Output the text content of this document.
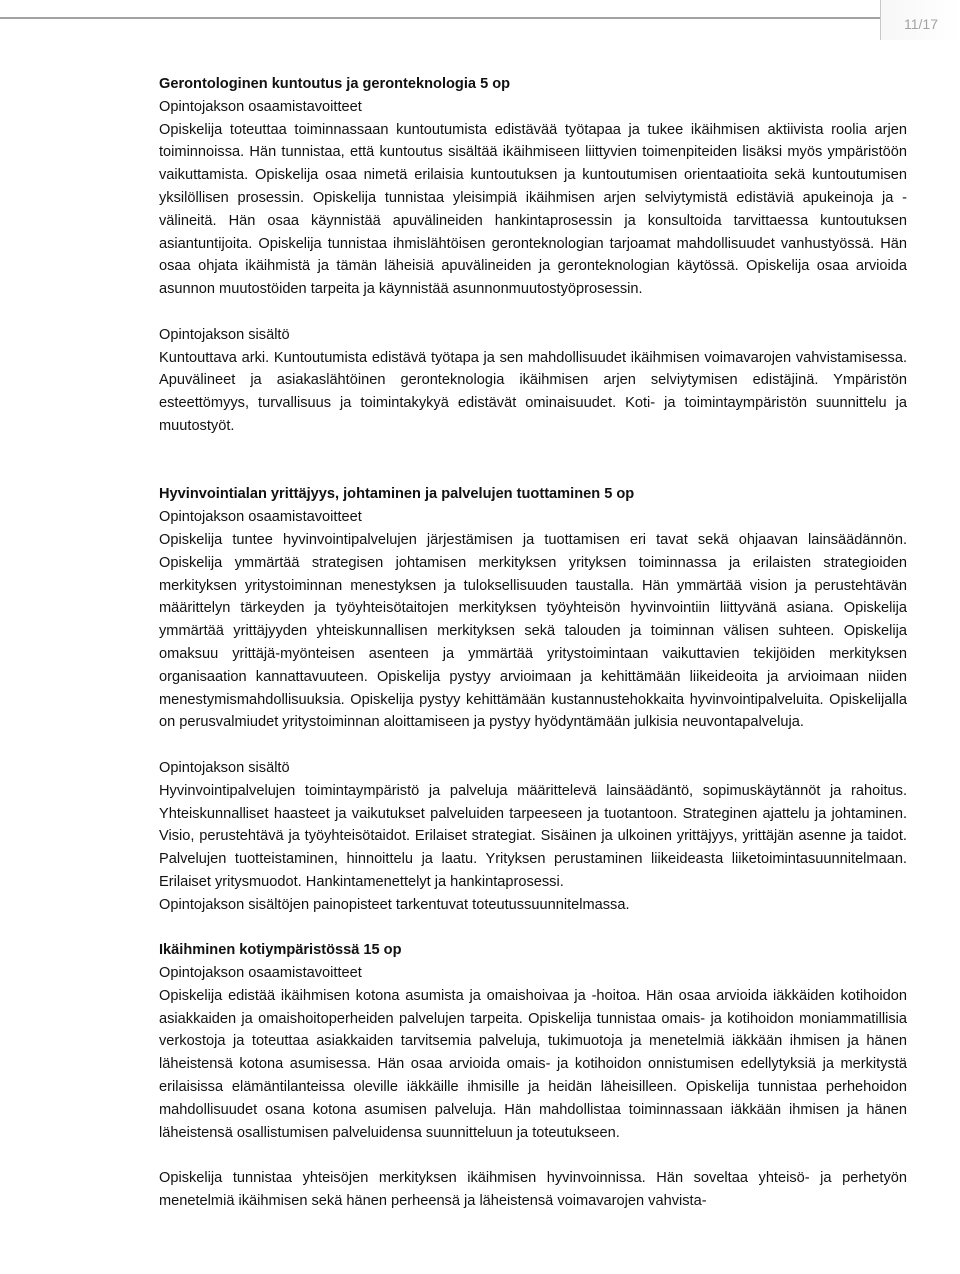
11/17

Gerontologinen kuntoutus ja geronteknologia 5 op

Opintojakson osaamistavoitteet

Opiskelija toteuttaa toiminnassaan kuntoutumista edistävää työtapaa ja tukee ikäihmisen aktiivista roolia arjen toiminnoissa. Hän tunnistaa, että kuntoutus sisältää ikäihmiseen liittyvien toimenpiteiden lisäksi myös ympäristöön vaikuttamista. Opiskelija osaa nimetä erilaisia kuntoutuksen ja kuntoutumisen orientaatioita sekä kuntoutumisen yksilöllisen prosessin. Opiskelija tunnistaa yleisimpiä ikäihmisen arjen selviytymistä edistäviä apukeinoja ja -välineitä. Hän osaa käynnistää apuvälineiden hankintaprosessin ja konsultoida tarvittaessa kuntoutuksen asiantuntijoita. Opiskelija tunnistaa ihmislähtöisen geronteknologian tarjoamat mahdollisuudet vanhustyössä. Hän osaa ohjata ikäihmistä ja tämän läheisiä apuvälineiden ja geronteknologian käytössä. Opiskelija osaa arvioida asunnon muutostöiden tarpeita ja käynnistää asunnonmuutostyöprosessin.

Opintojakson sisältö

Kuntouttava arki. Kuntoutumista edistävä työtapa ja sen mahdollisuudet ikäihmisen voimavarojen vahvistamisessa. Apuvälineet ja asiakaslähtöinen geronteknologia ikäihmisen arjen selviytymisen edistäjinä. Ympäristön esteettömyys, turvallisuus ja toimintakykyä edistävät ominaisuudet. Koti- ja toimintaympäristön suunnittelu ja muutostyöt.

Hyvinvointialan yrittäjyys, johtaminen ja palvelujen tuottaminen 5 op

Opintojakson osaamistavoitteet

Opiskelija tuntee hyvinvointipalvelujen järjestämisen ja tuottamisen eri tavat sekä ohjaavan lainsäädännön. Opiskelija ymmärtää strategisen johtamisen merkityksen yrityksen toiminnassa ja erilaisten strategioiden merkityksen yritystoiminnan menestyksen ja tuloksellisuuden taustalla. Hän ymmärtää vision ja perustehtävän määrittelyn tärkeyden ja työyhteisötaitojen merkityksen työyhteisön hyvinvointiin liittyvänä asiana. Opiskelija ymmärtää yrittäjyyden yhteiskunnallisen merkityksen sekä talouden ja toiminnan välisen suhteen. Opiskelija omaksuu yrittäjä-myönteisen asenteen ja ymmärtää yritystoimintaan vaikuttavien tekijöiden merkityksen organisaation kannattavuuteen. Opiskelija pystyy arvioimaan ja kehittämään liikeideoita ja arvioimaan niiden menestymismahdollisuuksia. Opiskelija pystyy kehittämään kustannustehokkaita hyvinvointipalveluita. Opiskelijalla on perusvalmiudet yritystoiminnan aloittamiseen ja pystyy hyödyntämään julkisia neuvontapalveluja.

Opintojakson sisältö

Hyvinvointipalvelujen toimintaympäristö ja palveluja määrittelevä lainsäädäntö, sopimuskäytännöt ja rahoitus. Yhteiskunnalliset haasteet ja vaikutukset palveluiden tarpeeseen ja tuotantoon. Strateginen ajattelu ja johtaminen. Visio, perustehtävä ja työyhteisötaidot. Erilaiset strategiat. Sisäinen ja ulkoinen yrittäjyys, yrittäjän asenne ja taidot. Palvelujen tuotteistaminen, hinnoittelu ja laatu. Yrityksen perustaminen liikeideasta liiketoimintasuunnitelmaan. Erilaiset yritysmuodot. Hankintamenettelyt ja hankintaprosessi.

Opintojakson sisältöjen painopisteet tarkentuvat toteutussuunnitelmassa.

Ikäihminen kotiympäristössä 15 op

Opintojakson osaamistavoitteet

Opiskelija edistää ikäihmisen kotona asumista ja omaishoivaa ja -hoitoa. Hän osaa arvioida iäkkäiden kotihoidon asiakkaiden ja omaishoitoperheiden palvelujen tarpeita. Opiskelija tunnistaa omais- ja kotihoidon moniammatillisia verkostoja ja toteuttaa asiakkaiden tarvitsemia palveluja, tukimuotoja ja menetelmiä iäkkään ihmisen ja hänen läheistensä kotona asumisessa. Hän osaa arvioida omais- ja kotihoidon onnistumisen edellytyksiä ja merkitystä erilaisissa elämäntilanteissa oleville iäkkäille ihmisille ja heidän läheisilleen. Opiskelija tunnistaa perhehoidon mahdollisuudet osana kotona asumisen palveluja. Hän mahdollistaa toiminnassaan iäkkään ihmisen ja hänen läheistensä osallistumisen palveluidensa suunnitteluun ja toteutukseen.

Opiskelija tunnistaa yhteisöjen merkityksen ikäihmisen hyvinvoinnissa. Hän soveltaa yhteisö- ja perhetyön menetelmiä ikäihmisen sekä hänen perheensä ja läheistensä voimavarojen vahvista-
